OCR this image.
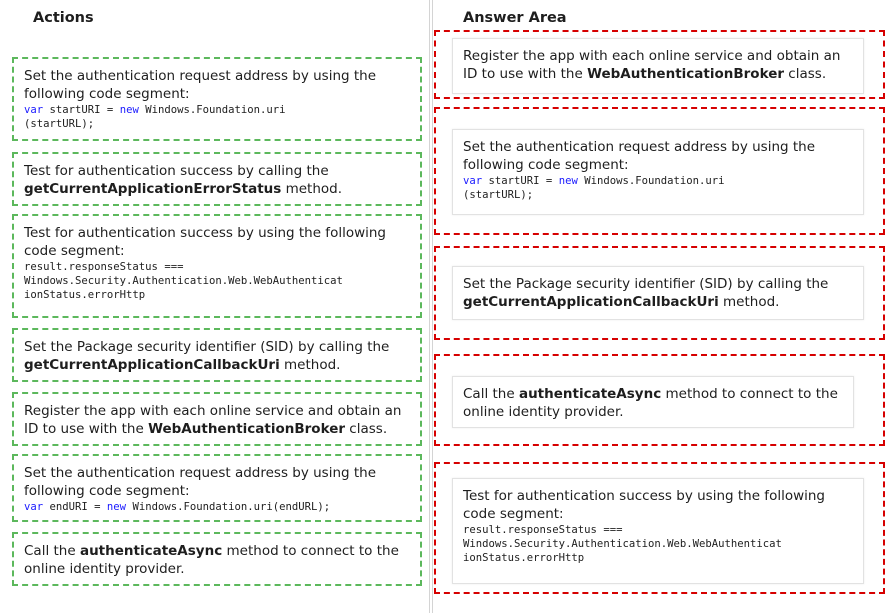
Actions
Set the authentication request address by using the following code segment:
var startURI = new Windows.Foundation.uri
(startURL);
Test for authentication success by calling the getCurrentApplicationErrorStatus method.
Test for authentication success by using the following code segment:
result.responseStatus ===
Windows.Security.Authentication.Web.WebAuthenticat
ionStatus.errorHttp
Set the Package security identifier (SID) by calling the getCurrentApplicationCallbackUri method.
Register the app with each online service and obtain an ID to use with the WebAuthenticationBroker class.
Set the authentication request address by using the following code segment:
var endURI = new Windows.Foundation.uri(endURL);
Call the authenticateAsync method to connect to the online identity provider.
Answer Area
Register the app with each online service and obtain an ID to use with the WebAuthenticationBroker class.
Set the authentication request address by using the following code segment:
var startURI = new Windows.Foundation.uri
(startURL);
Set the Package security identifier (SID) by calling the getCurrentApplicationCallbackUri method.
Call the authenticateAsync method to connect to the online identity provider.
Test for authentication success by using the following code segment:
result.responseStatus ===
Windows.Security.Authentication.Web.WebAuthenticat
ionStatus.errorHttp
